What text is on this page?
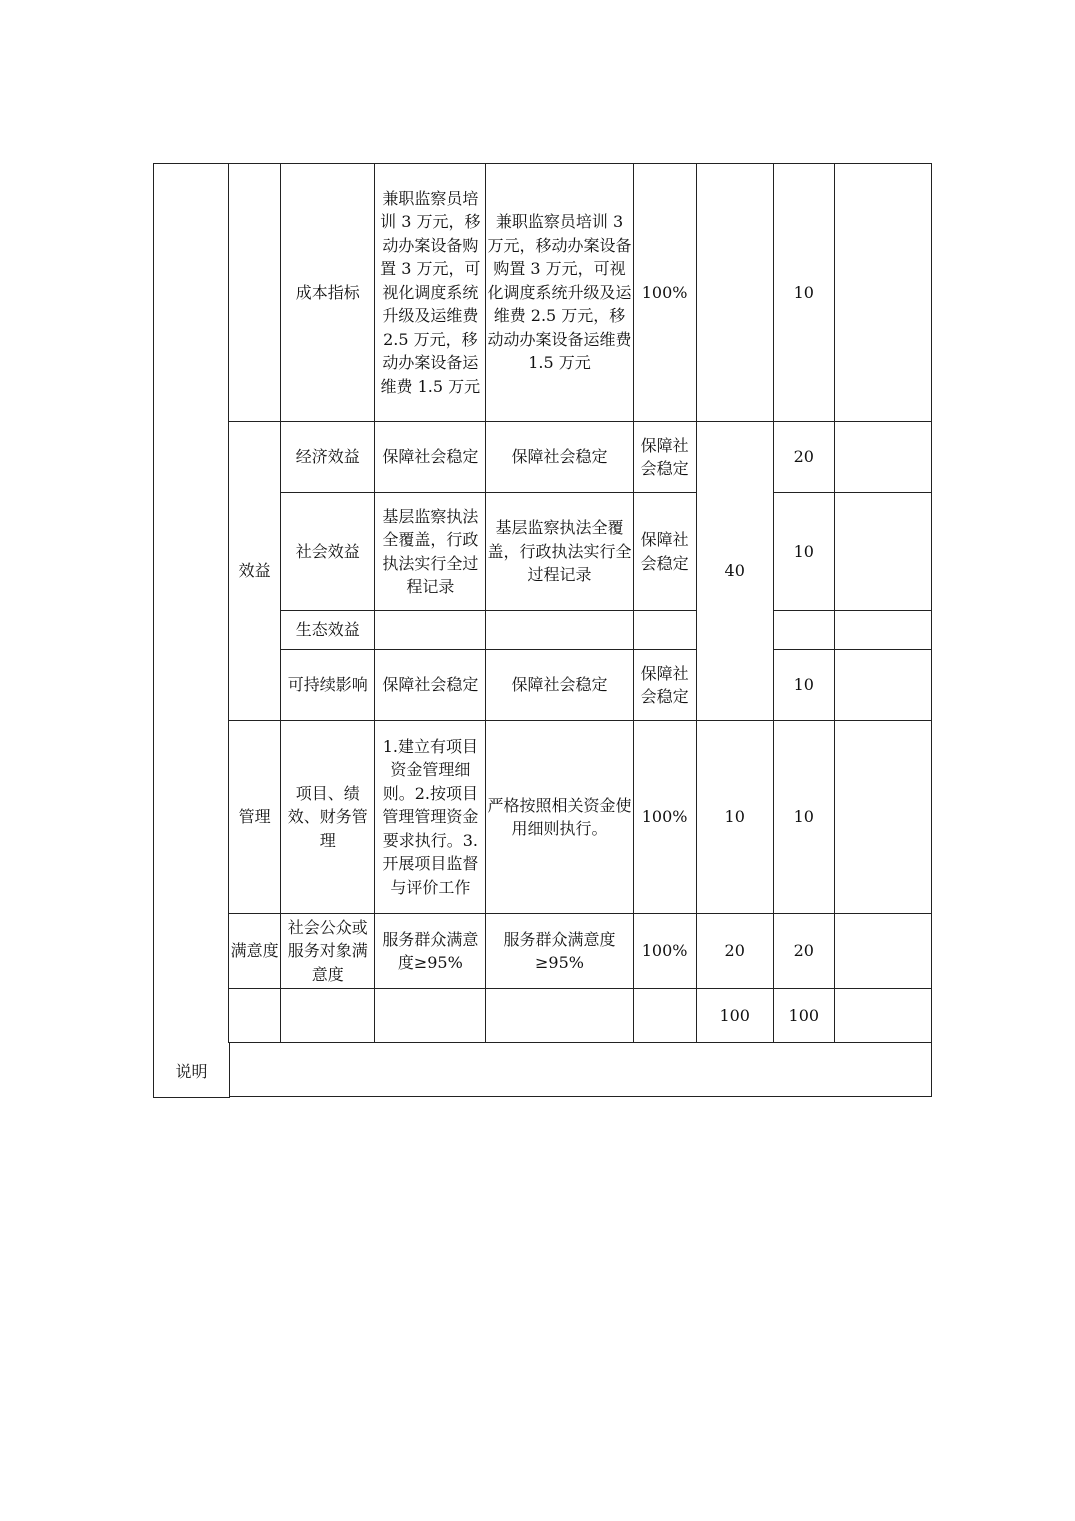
		成本指标	兼职监察员培训 3 万元，移动办案设备购置 3 万元，可视化调度系统升级及运维费 2.5 万元，移动办案设备运维费 1.5 万元	兼职监察员培训 3 万元，移动办案设备购置 3 万元，可视化调度系统升级及运维费 2.5 万元，移动动办案设备运维费 1.5 万元	100%		10	
	效益	经济效益	保障社会稳定	保障社会稳定	保障社会稳定	40	20	
		社会效益	基层监察执法全覆盖，行政执法实行全过程记录	基层监察执法全覆盖，行政执法实行全过程记录	保障社会稳定		10	
		生态效益						
		可持续影响	保障社会稳定	保障社会稳定	保障社会稳定		10	
	管理	项目、绩效、财务管理	1.建立有项目资金管理细则。2.按项目管理管理资金要求执行。3.开展项目监督与评价工作	严格按照相关资金使用细则执行。	100%	10	10	
	满意度	社会公众或服务对象满意度	服务群众满意度≥95%	服务群众满意度≥95%	100%	20	20	
						100	100	

说明
